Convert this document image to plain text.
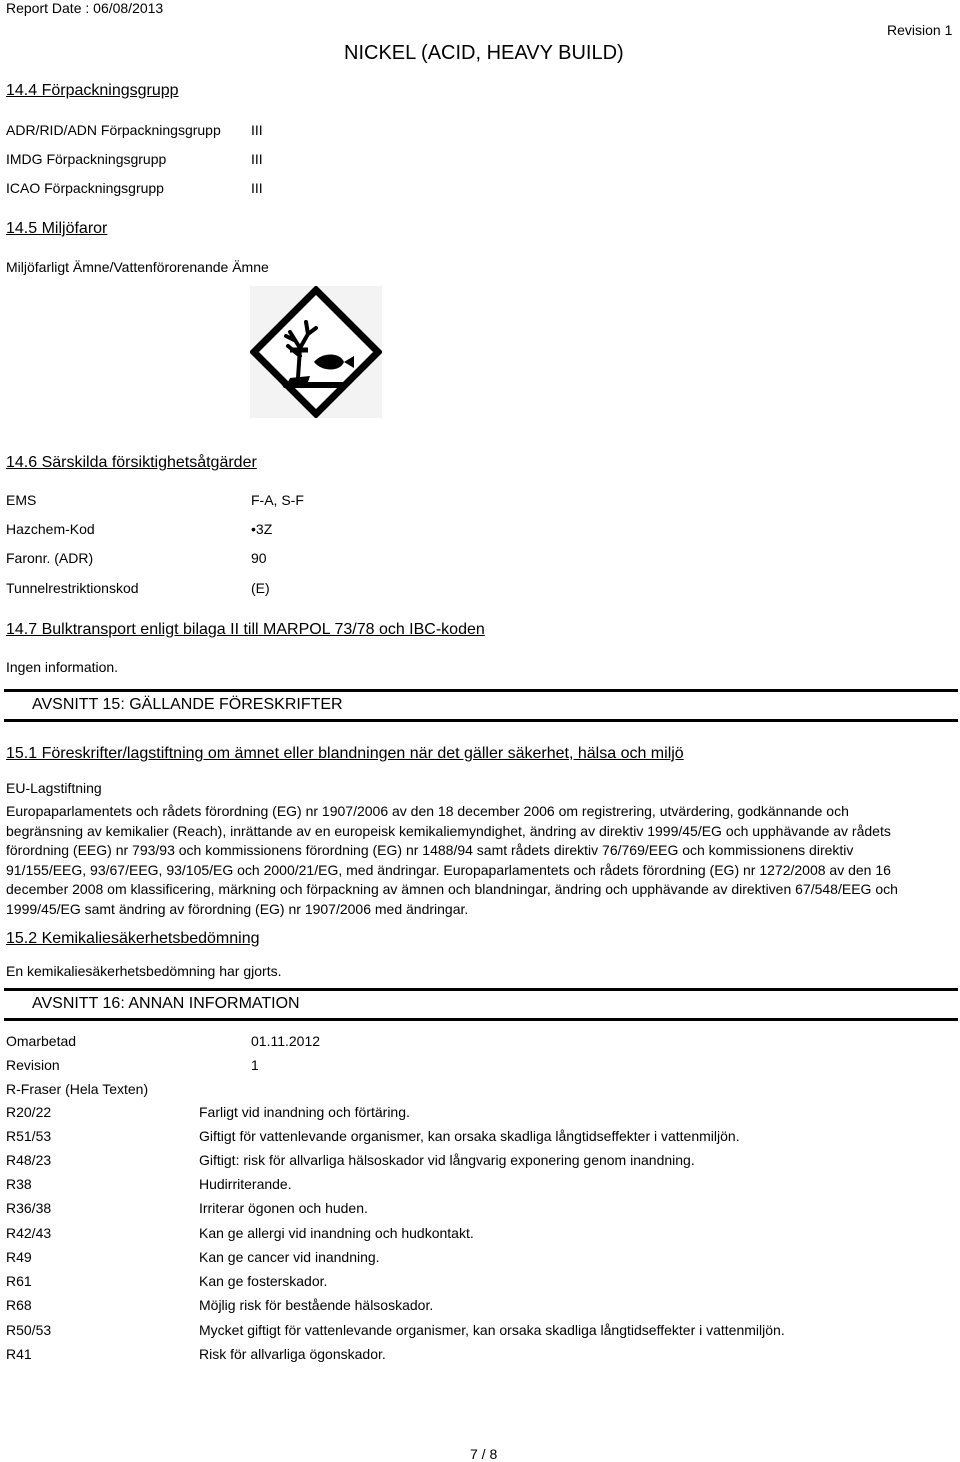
Report Date : 06/08/2013
NICKEL (ACID, HEAVY BUILD)
Revision 1
14.4 Förpackningsgrupp
ADR/RID/ADN Förpackningsgrupp III
IMDG Förpackningsgrupp	III
ICAO Förpackningsgrupp	III
14.5 Miljöfaror
Miljöfarligt Ämne/Vattenförorenande Ämne
14.6 Särskilda försiktighetsåtgärder
EMS	F-A, S-F
Hazchem-Kod	•3Z
Faronr. (ADR)	90
Tunnelrestriktionskod	(E)
14.7 Bulktransport enligt bilaga II till MARPOL 73/78 och IBC-koden
Ingen information.
AVSNITT 15: GÄLLANDE FÖRESKRIFTER
15.1 Föreskrifter/lagstiftning om ämnet eller blandningen när det gäller säkerhet, hälsa och miljö
EU-Lagstiftning
Europaparlamentets och rådets förordning (EG) nr 1907/2006 av den 18 december 2006 om registrering, utvärdering, godkännande och begränsning av kemikalier (Reach), inrättande av en europeisk kemikaliemyndighet, ändring av direktiv 1999/45/EG och upphävande av rådets förordning (EEG) nr 793/93 och kommissionens förordning (EG) nr 1488/94 samt rådets direktiv 76/769/EEG och kommissionens direktiv 91/155/EEG, 93/67/EEG, 93/105/EG och 2000/21/EG, med ändringar. Europaparlamentets och rådets förordning (EG) nr 1272/2008 av den 16 december 2008 om klassificering, märkning och förpackning av ämnen och blandningar, ändring och upphävande av direktiven 67/548/EEG och 1999/45/EG samt ändring av förordning (EG) nr 1907/2006 med ändringar.
15.2 Kemikaliesäkerhetsbedömning
En kemikaliesäkerhetsbedömning har gjorts.
AVSNITT 16: ANNAN INFORMATION
Omarbetad	01.11.2012
Revision	1
R-Fraser (Hela Texten)
R20/22	Farligt vid inandning och förtäring.
R51/53	Giftigt för vattenlevande organismer, kan orsaka skadliga långtidseffekter i vattenmiljön.
R48/23	Giftigt: risk för allvarliga hälsoskador vid långvarig exponering genom inandning.
R38	Hudirriterande.
R36/38	Irriterar ögonen och huden.
R42/43	Kan ge allergi vid inandning och hudkontakt.
R49	Kan ge cancer vid inandning.
R61	Kan ge fosterskador.
R68	Möjlig risk för bestående hälsoskador.
R50/53	Mycket giftigt för vattenlevande organismer, kan orsaka skadliga långtidseffekter i vattenmiljön.
R41	Risk för allvarliga ögonskador.
7 / 8
